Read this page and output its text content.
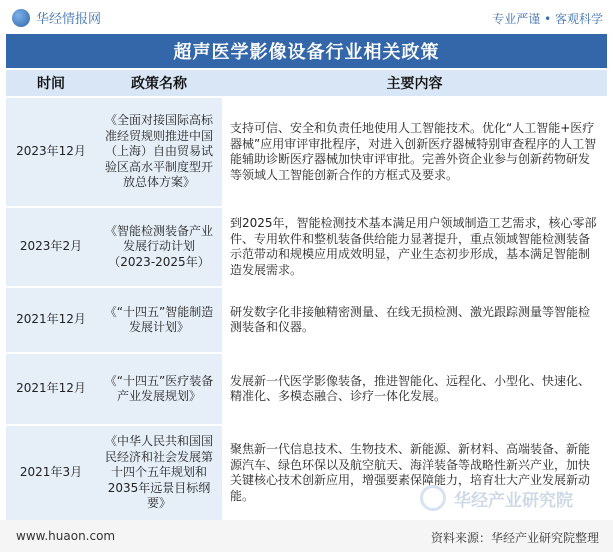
华经情报网	专业严谨 • 客观科学
超声医学影像设备行业相关政策
时间	政策名称	主要内容
2023年12月	《全面对接国际高标准经贸规则推进中国（上海）自由贸易试验区高水平制度型开放总体方案》	支持可信、安全和负责任地使用人工智能技术。优化“人工智能+医疗器械”应用审评审批程序，对进入创新医疗器械特别审查程序的人工智能辅助诊断医疗器械加快审评审批。完善外资企业参与创新药物研发等领域人工智能创新合作的方框式及要求。
2023年2月	《智能检测装备产业发展行动计划（2023-2025年）	到2025年，智能检测技术基本满足用户领域制造工艺需求，核心零部件、专用软件和整机装备供给能力显著提升，重点领域智能检测装备示范带动和规模应用成效明显，产业生态初步形成，基本满足智能制造发展需求。
2021年12月	《“十四五”智能制造发展计划》	研发数字化非接触精密测量、在线无损检测、激光跟踪测量等智能检测装备和仪器。
2021年12月	《“十四五”医疗装备产业发展规划》	发展新一代医学影像装备，推进智能化、远程化、小型化、快速化、精准化、多模态融合、诊疗一体化发展。
2021年3月	《中华人民共和国国民经济和社会发展第十四个五年规划和2035年远景目标纲要》	聚焦新一代信息技术、生物技术、新能源、新材料、高端装备、新能源汽车、绿色环保以及航空航天、海洋装备等战略性新兴产业，加快关键核心技术创新应用，增强要素保障能力，培育壮大产业发展新动能。	华经产业研究院
www.huaon.com	资料来源：华经产业研究院整理
